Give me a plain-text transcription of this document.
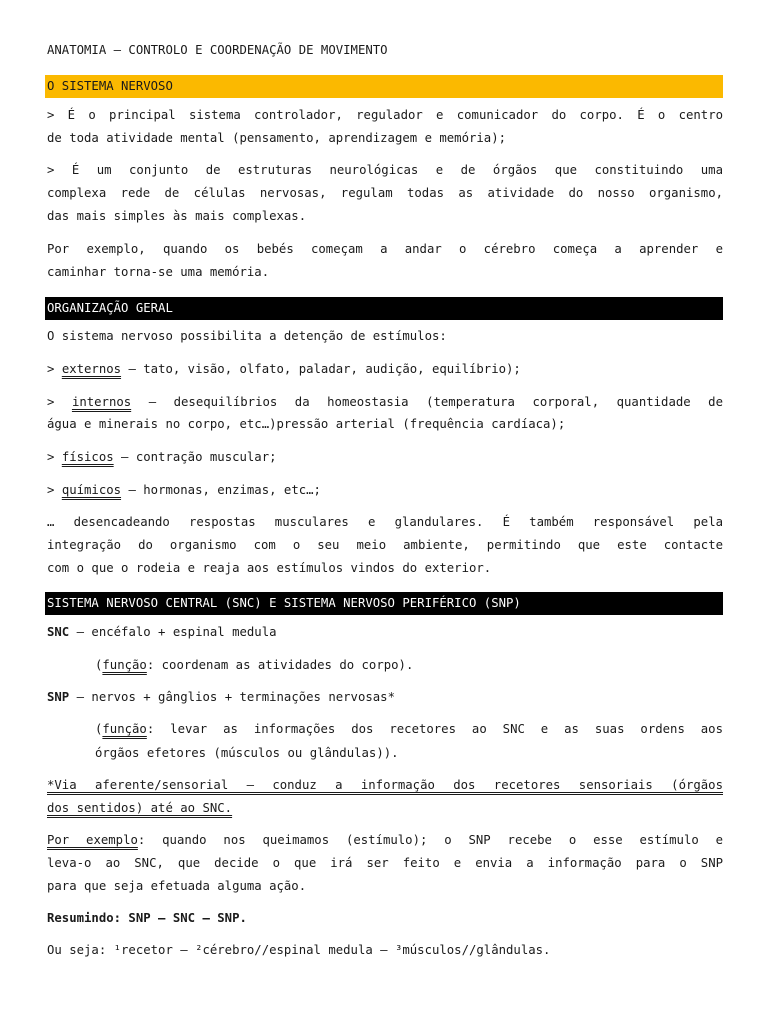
ANATOMIA – CONTROLO E COORDENAÇÃO DE MOVIMENTO
O SISTEMA NERVOSO
> É o principal sistema controlador, regulador e comunicador do corpo. É o centro
de toda atividade mental (pensamento, aprendizagem e memória);
> É um conjunto de estruturas neurológicas e de órgãos que constituindo uma
complexa rede de células nervosas, regulam todas as atividade do nosso organismo,
das mais simples às mais complexas.
Por exemplo, quando os bebés começam a andar o cérebro começa a aprender e
caminhar torna-se uma memória.
ORGANIZAÇÃO GERAL
O sistema nervoso possibilita a detenção de estímulos:
> externos – tato, visão, olfato, paladar, audição, equilíbrio);
> internos – desequilíbrios da homeostasia (temperatura corporal, quantidade de
água e minerais no corpo, etc…)pressão arterial (frequência cardíaca);
> físicos – contração muscular;
> químicos – hormonas, enzimas, etc…;
… desencadeando respostas musculares e glandulares. É também responsável pela
integração do organismo com o seu meio ambiente, permitindo que este contacte
com o que o rodeia e reaja aos estímulos vindos do exterior.
SISTEMA NERVOSO CENTRAL (SNC) E SISTEMA NERVOSO PERIFÉRICO (SNP)
SNC – encéfalo + espinal medula
(função: coordenam as atividades do corpo).
SNP – nervos + gânglios + terminações nervosas*
(função: levar as informações dos recetores ao SNC e as suas ordens aos
órgãos efetores (músculos ou glândulas)).
*Via aferente/sensorial – conduz a informação dos recetores sensoriais (órgãos
dos sentidos) até ao SNC.
Por exemplo: quando nos queimamos (estímulo); o SNP recebe o esse estímulo e
leva-o ao SNC, que decide o que irá ser feito e envia a informação para o SNP
para que seja efetuada alguma ação.
Resumindo: SNP – SNC – SNP.
Ou seja: ¹recetor – ²cérebro//espinal medula – ³músculos//glândulas.
